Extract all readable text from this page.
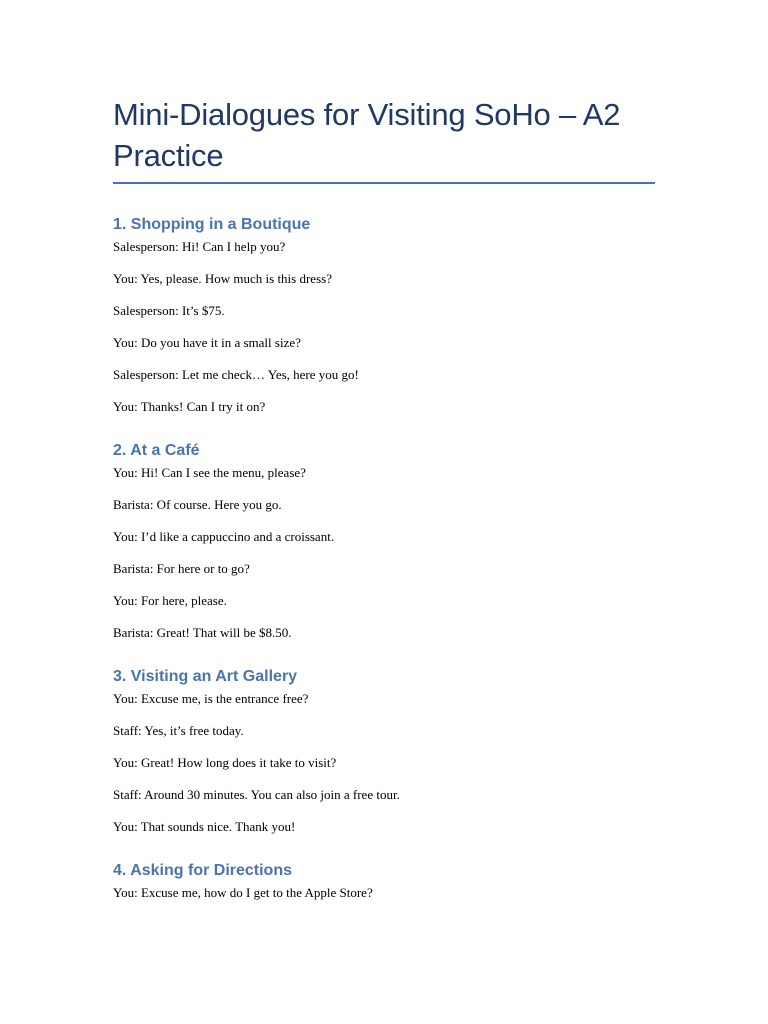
Mini-Dialogues for Visiting SoHo – A2 Practice
1. Shopping in a Boutique
Salesperson: Hi! Can I help you?
You: Yes, please. How much is this dress?
Salesperson: It’s $75.
You: Do you have it in a small size?
Salesperson: Let me check… Yes, here you go!
You: Thanks! Can I try it on?
2. At a Café
You: Hi! Can I see the menu, please?
Barista: Of course. Here you go.
You: I’d like a cappuccino and a croissant.
Barista: For here or to go?
You: For here, please.
Barista: Great! That will be $8.50.
3. Visiting an Art Gallery
You: Excuse me, is the entrance free?
Staff: Yes, it’s free today.
You: Great! How long does it take to visit?
Staff: Around 30 minutes. You can also join a free tour.
You: That sounds nice. Thank you!
4. Asking for Directions
You: Excuse me, how do I get to the Apple Store?
